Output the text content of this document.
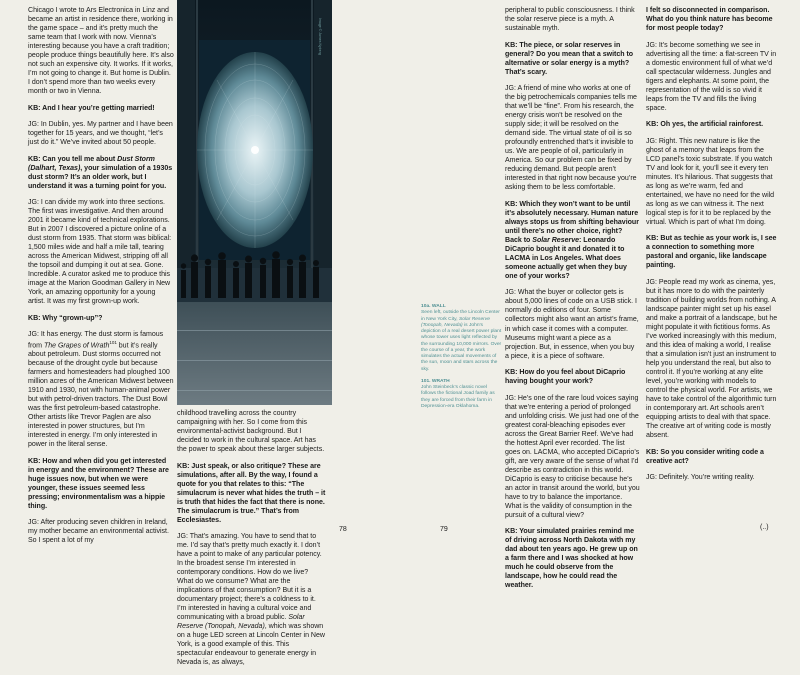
Chicago I wrote to Ars Electronica in Linz and became an artist in residence there, working in the game space – and it’s pretty much the same team that I work with now. Vienna’s interesting because you have a craft tradition; people produce things beautifully here. It’s also not such an expensive city. It works. If it works, I’m not going to change it. But home is Dublin. I don’t spend more than two weeks every month or two in Vienna.

KB: And I hear you’re getting married!

JG: In Dublin, yes. My partner and I have been together for 15 years, and we thought, “let’s just do it.” We’ve invited about 50 people.

KB: Can you tell me about Dust Storm (Dalhart, Texas), your simulation of a 1930s dust storm? It’s an older work, but I understand it was a turning point for you.

JG: I can divide my work into three sections. The first was investigative. And then around 2001 it became kind of technical explorations. But in 2007 I discovered a picture online of a dust storm from 1935. That storm was biblical: 1,500 miles wide and half a mile tall, tearing across the American Midwest, stripping off all the topsoil and dumping it out at sea. Gone. Incredible. A curator asked me to produce this image at the Marion Goodman Gallery in New York, an amazing opportunity for a young artist. It was my first grown-up work.

KB: Why “grown-up”?

JG: It has energy. The dust storm is famous from The Grapes of Wrath$^{101}$ but it’s really about petroleum. Dust storms occurred not because of the drought cycle but because farmers and homesteaders had ploughed 100 million acres of the American Midwest between 1910 and 1930, not with human-animal power but with petrol-driven tractors. The Dust Bowl was the first petroleum-based catastrophe. Other artists like Trevor Paglen are also interested in power structures, but I’m interested in energy. I’m only interested in power in the literal sense.

KB: How and when did you get interested in energy and the environment? These are huge issues now, but when we were younger, these issues seemed less pressing; environmentalism was a hippie thing.

JG: After producing seven children in Ireland, my mother became an environmental activist. So I spent a lot of my

Image © James Nyberg

childhood travelling across the country campaigning with her. So I come from this environmental-activist background. But I decided to work in the cultural space. Art has the power to speak about these larger subjects.

KB: Just speak, or also critique? These are simulations, after all. By the way, I found a quote for you that relates to this: “The simulacrum is never what hides the truth – it is truth that hides the fact that there is none. The simulacrum is true.” That’s from Ecclesiastes.

JG: That’s amazing. You have to send that to me. I’d say that’s pretty much exactly it. I don’t have a point to make of any particular potency. In the broadest sense I’m interested in contemporary conditions. How do we live? What do we consume? What are the implications of that consumption? But it is a documentary project; there’s a coldness to it. I’m interested in having a cultural voice and communicating with a broad public. Solar Reserve (Tonopah, Nevada), which was shown on a huge LED screen at Lincoln Center in New York, is a good example of this. This spectacular endeavour to generate energy in Nevada is, as always,

10a. WALL
Seen left, outside the Lincoln Center in New York City, Solar Reserve (Tonopah, Nevada) is John’s depiction of a real desert power plant whose tower uses light reflected by the surrounding 10,000 mirrors. Over the course of a year, the work simulates the actual movements of the sun, moon and stars across the sky.

101. WRATH
John Steinbeck’s classic novel follows the fictional Joad family as they are forced from their farm in Depression-era Oklahoma.

peripheral to public consciousness. I think the solar reserve piece is a myth. A sustainable myth.

KB: The piece, or solar reserves in general? Do you mean that a switch to alternative or solar energy is a myth? That’s scary.

JG: A friend of mine who works at one of the big petrochemicals companies tells me that we’ll be “fine”. From his research, the energy crisis won’t be resolved on the supply side; it will be resolved on the demand side. The virtual state of oil is so profoundly entrenched that’s it invisible to us. We are people of oil, particularly in America. So our problem can be fixed by reducing demand. But people aren’t interested in that right now because you’re asking them to be less comfortable.

KB: Which they won’t want to be until it’s absolutely necessary. Human nature always stops us from shifting behaviour until there’s no other choice, right? Back to Solar Reserve: Leonardo DiCaprio bought it and donated it to LACMA in Los Angeles. What does someone actually get when they buy one of your works?

JG: What the buyer or collector gets is about 5,000 lines of code on a USB stick. I normally do editions of four. Some collectors might also want an artist’s frame, in which case it comes with a computer. Museums might want a piece as a projection. But, in essence, when you buy a piece, it is a piece of software.

KB: How do you feel about DiCaprio having bought your work?

JG: He’s one of the rare loud voices saying that we’re entering a period of prolonged and unfolding crisis. We just had one of the greatest coral-bleaching episodes ever across the Great Barrier Reef. We’ve had the hottest April ever recorded. The list goes on. LACMA, who accepted DiCaprio’s gift, are very aware of the sense of what I’d describe as contradiction in this world. DiCaprio is easy to criticise because he’s an actor in transit around the world, but you have to try to balance the importance. What is the validity of consumption in the pursuit of a cultural view?

KB: Your simulated prairies remind me of driving across North Dakota with my dad about ten years ago. He grew up on a farm there and I was shocked at how much he could observe from the landscape, how he could read the weather.

I felt so disconnected in comparison. What do you think nature has become for most people today?

JG: It’s become something we see in advertising all the time: a flat-screen TV in a domestic environment full of what we’d call spectacular wilderness. Jungles and tigers and elephants. At some point, the representation of the wild is so vivid it leaps from the TV and fills the living space.

KB: Oh yes, the artificial rainforest.

JG: Right. This new nature is like the ghost of a memory that leaps from the LCD panel’s toxic substrate. If you watch TV and look for it, you’ll see it every ten minutes. It’s hilarious. That suggests that as long as we’re warm, fed and entertained, we have no need for the wild as long as we can witness it. The next logical step is for it to be replaced by the virtual. Which is part of what I’m doing.

KB: But as techie as your work is, I see a connection to something more pastoral and organic, like landscape painting.

JG: People read my work as cinema, yes, but it has more to do with the painterly tradition of building worlds from nothing. A landscape painter might set up his easel and make a portrait of a landscape, but he might populate it with fictitious forms. As I’ve worked increasingly with this medium, and this idea of making a world, I realise that a simulation isn’t just an instrument to help you understand the real, but also to control it. If you’re working at any elite level, you’re working with models to control the physical world. For artists, we have to take control of the algorithmic turn in contemporary art. Art schools aren’t equipping artists to deal with that space. The creative art of writing code is mostly absent.

KB: So you consider writing code a creative act?

JG: Definitely. You’re writing reality.

78	79	(..)
